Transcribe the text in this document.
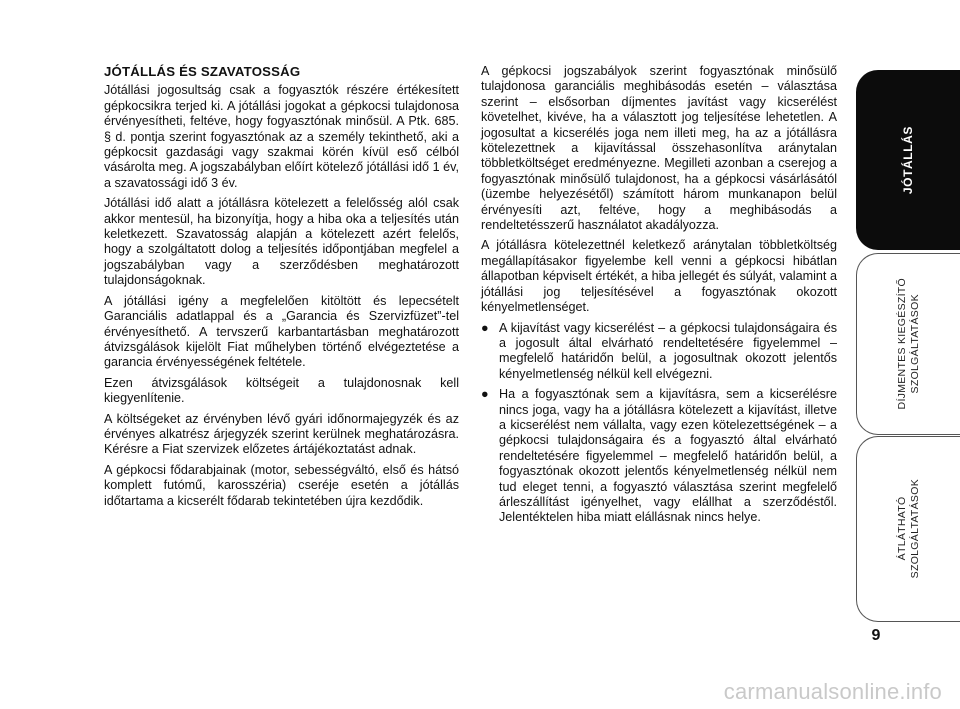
JÓTÁLLÁS ÉS SZAVATOSSÁG

Jótállási jogosultság csak a fogyasztók részére értékesített gépkocsikra terjed ki. A jótállási jogokat a gépkocsi tulajdonosa érvényesítheti, feltéve, hogy fogyasztónak minősül. A Ptk. 685. § d. pontja szerint fogyasztónak az a személy tekinthető, aki a gépkocsit gazdasági vagy szakmai körén kívül eső célból vásárolta meg. A jogszabályban előírt kötelező jótállási idő 1 év, a szavatossági idő 3 év.

Jótállási idő alatt a jótállásra kötelezett a felelősség alól csak akkor mentesül, ha bizonyítja, hogy a hiba oka a teljesítés után keletkezett. Szavatosság alapján a kötelezett azért felelős, hogy a szolgáltatott dolog a teljesítés időpontjában megfelel a jogszabályban vagy a szerződésben meghatározott tulajdonságoknak.

A jótállási igény a megfelelően kitöltött és lepecsételt Garanciális adatlappal és a „Garancia és Szervizfüzet”-tel érvényesíthető. A tervszerű karbantartásban meghatározott átvizsgálások kijelölt Fiat műhelyben történő elvégeztetése a garancia érvényességének feltétele.

Ezen átvizsgálások költségeit a tulajdonosnak kell kiegyenlítenie.

A költségeket az érvényben lévő gyári időnormajegyzék és az érvényes alkatrész árjegyzék szerint kerülnek meghatározásra. Kérésre a Fiat szervizek előzetes ártájékoztatást adnak.

A gépkocsi fődarabjainak (motor, sebességváltó, első és hátsó komplett futómű, karosszéria) cseréje esetén a jótállás időtartama a kicserélt fődarab tekintetében újra kezdődik.

A gépkocsi jogszabályok szerint fogyasztónak minősülő tulajdonosa garanciális meghibásodás esetén – választása szerint – elsősorban díjmentes javítást vagy kicserélést követelhet, kivéve, ha a választott jog teljesítése lehetetlen. A jogosultat a kicserélés joga nem illeti meg, ha az a jótállásra kötelezettnek a kijavítással összehasonlítva aránytalan többletköltséget eredményezne. Megilleti azonban a cserejog a fogyasztónak minősülő tulajdonost, ha a gépkocsi vásárlásától (üzembe helyezésétől) számított három munkanapon belül érvényesíti azt, feltéve, hogy a meghibásodás a rendeltetésszerű használatot akadályozza.

A jótállásra kötelezettnél keletkező aránytalan többletköltség megállapításakor figyelembe kell venni a gépkocsi hibátlan állapotban képviselt értékét, a hiba jellegét és súlyát, valamint a jótállási jog teljesítésével a fogyasztónak okozott kényelmetlenséget.

● A kijavítást vagy kicserélést – a gépkocsi tulajdonságaira és a jogosult által elvárható rendeltetésére figyelemmel – megfelelő határidőn belül, a jogosultnak okozott jelentős kényelmetlenség nélkül kell elvégezni.
● Ha a fogyasztónak sem a kijavításra, sem a kicserélésre nincs joga, vagy ha a jótállásra kötelezett a kijavítást, illetve a kicserélést nem vállalta, vagy ezen kötelezettségének – a gépkocsi tulajdonságaira és a fogyasztó által elvárható rendeltetésére figyelemmel – megfelelő határidőn belül, a fogyasztónak okozott jelentős kényelmetlenség nélkül nem tud eleget tenni, a fogyasztó választása szerint megfelelő árleszállítást igényelhet, vagy elállhat a szerződéstől. Jelentéktelen hiba miatt elállásnak nincs helye.
JÓTÁLLÁS
DÍJMENTES KIEGÉSZÍTŐ
SZOLGÁLTATÁSOK
ÁTLÁTHATÓ
SZOLGÁLTATÁSOK
9
carmanualsonline.info
